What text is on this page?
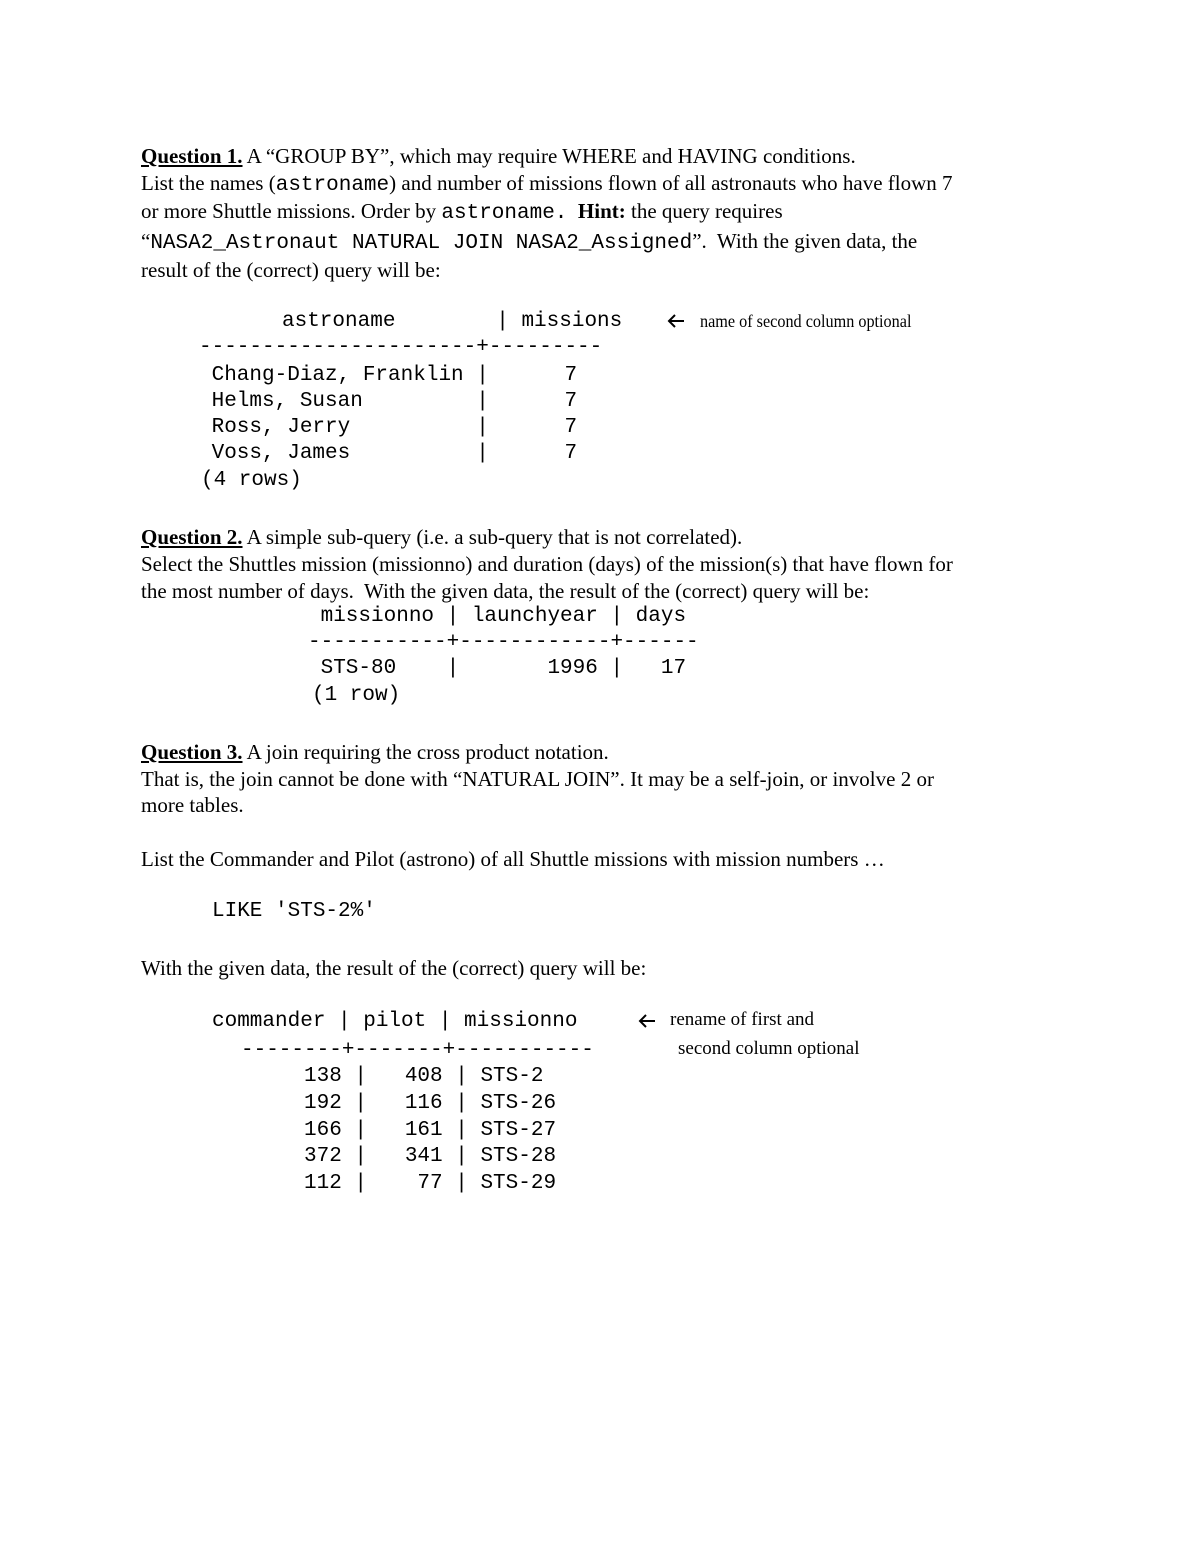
Question 1. A “GROUP BY”, which may require WHERE and HAVING conditions.
List the names (astroname) and number of missions flown of all astronauts who have flown 7
or more Shuttle missions. Order by astroname. Hint: the query requires
“NASA2_Astronaut NATURAL JOIN NASA2_Assigned”.  With the given data, the
result of the (correct) query will be:
astroname        | missions	name of second column optional
----------------------+---------
Chang-Diaz, Franklin |      7
Helms, Susan         |      7
Ross, Jerry          |      7
Voss, James          |      7
(4 rows)
Question 2. A simple sub-query (i.e. a sub-query that is not correlated).
Select the Shuttles mission (missionno) and duration (days) of the mission(s) that have flown for
the most number of days.  With the given data, the result of the (correct) query will be:
missionno | launchyear | days
-----------+------------+------
STS-80    |       1996 |   17
(1 row)
Question 3. A join requiring the cross product notation.
That is, the join cannot be done with “NATURAL JOIN”. It may be a self-join, or involve 2 or
more tables.
List the Commander and Pilot (astrono) of all Shuttle missions with mission numbers …
LIKE 'STS-2%'
With the given data, the result of the (correct) query will be:
commander | pilot | missionno	rename of first and
--------+-------+-----------	second column optional
138 |   408 | STS-2
192 |   116 | STS-26
166 |   161 | STS-27
372 |   341 | STS-28
112 |    77 | STS-29
